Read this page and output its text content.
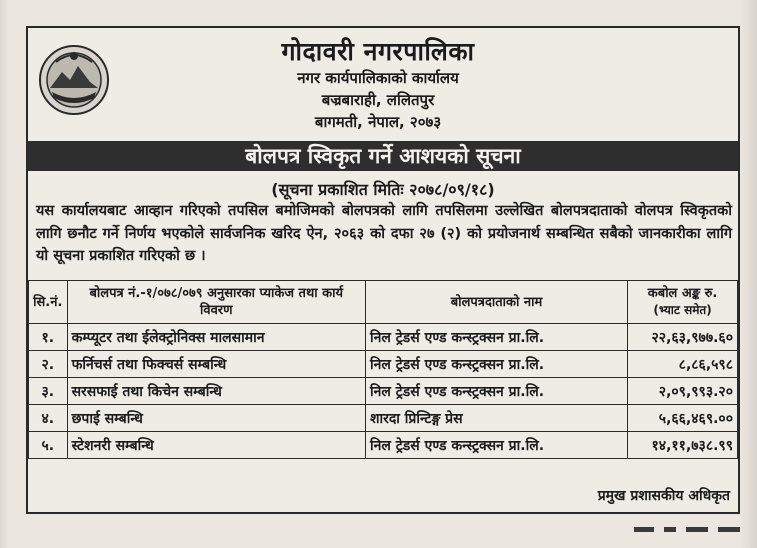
गोदावरी नगरपालिका
नगर कार्यपालिकाको कार्यालय
बज्रबाराही, ललितपुर
बागमती, नेपाल, २०७३
बोलपत्र स्विकृत गर्ने आशयको सूचना
(सूचना प्रकाशित मितिः २०७८/०९/१८)
यस कार्यालयबाट आव्हान गरिएको तपसिल बमोजिमको बोलपत्रको लागि तपसिलमा उल्लेखित बोलपत्रदाताको वोलपत्र स्विकृतको लागि छनौट गर्ने निर्णय भएकोले सार्वजनिक खरिद ऐन, २०६३ को दफा २७ (२) को प्रयोजनार्थ सम्बन्धित सबैको जानकारीका लागि यो सूचना प्रकाशित गरिएको छ ।
सि.नं.	बोलपत्र नं.-१/०७८/०७९ अनुसारका प्याकेज तथा कार्य विवरण	बोलपत्रदाताको नाम	कबोल अङ्क रु.
(भ्याट समेत)

१.	कम्प्यूटर तथा ईलेक्ट्रोनिक्स मालसामान	निल ट्रेडर्स एण्ड कन्स्ट्रक्सन प्रा.लि.	२२,६३,९७७.६०
२.	फर्निचर्स तथा फिक्चर्स सम्बन्धि	निल ट्रेडर्स एण्ड कन्स्ट्रक्सन प्रा.लि.	८,८६,५९८
३.	सरसफाई तथा किचेन सम्बन्धि	निल ट्रेडर्स एण्ड कन्स्ट्रक्सन प्रा.लि.	२,०९,९९३.२०
४.	छपाई सम्बन्धि	शारदा प्रिन्टिङ्ग प्रेस	५,६६,४६९.००
५.	स्टेशनरी सम्बन्धि	निल ट्रेडर्स एण्ड कन्स्ट्रक्सन प्रा.लि.	१४,११,७३८.९९
प्रमुख प्रशासकीय अधिकृत
